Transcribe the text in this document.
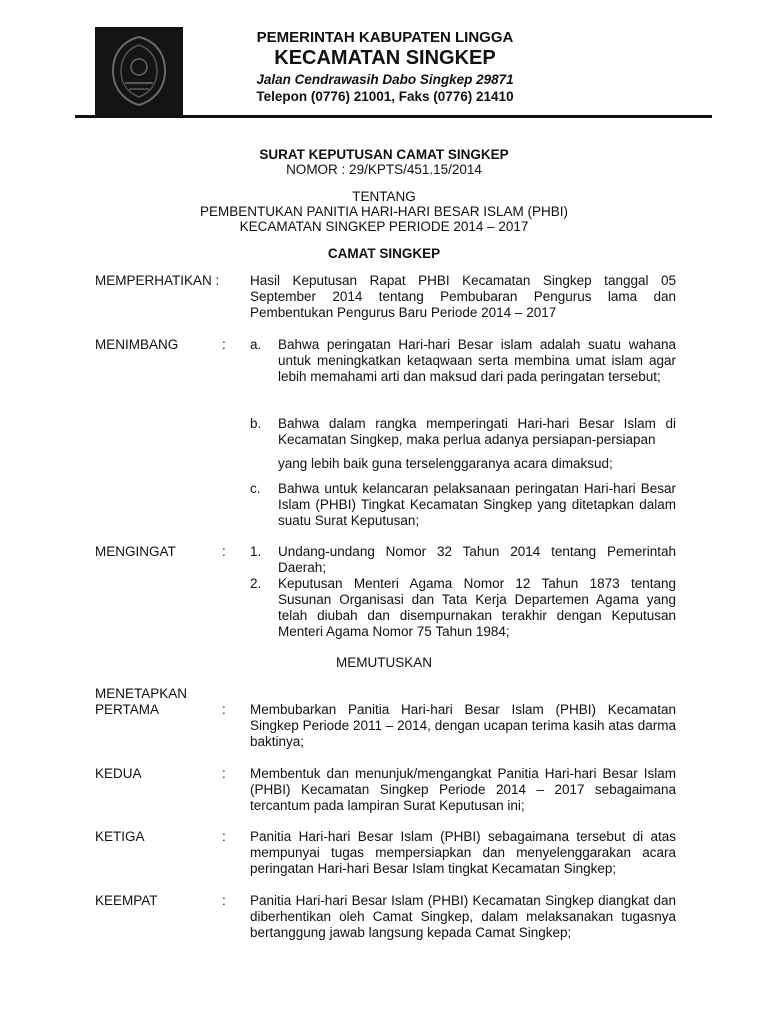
PEMERINTAH KABUPATEN LINGGA
KECAMATAN SINGKEP
Jalan Cendrawasih Dabo Singkep 29871
Telepon (0776) 21001, Faks (0776) 21410
SURAT KEPUTUSAN CAMAT SINGKEP
NOMOR : 29/KPTS/451.15/2014
TENTANG
PEMBENTUKAN PANITIA HARI-HARI BESAR ISLAM (PHBI)
KECAMATAN SINGKEP PERIODE 2014 – 2017
CAMAT SINGKEP
MEMPERHATIKAN : Hasil Keputusan Rapat PHBI Kecamatan Singkep tanggal 05 September 2014 tentang Pembubaran Pengurus lama dan Pembentukan Pengurus Baru Periode 2014 – 2017
MENIMBANG	: a. Bahwa peringatan Hari-hari Besar islam adalah suatu wahana untuk meningkatkan ketaqwaan serta membina umat islam agar lebih memahami arti dan maksud dari pada peringatan tersebut;
b. Bahwa dalam rangka memperingati Hari-hari Besar Islam di Kecamatan Singkep, maka perlua adanya persiapan-persiapan
yang lebih baik guna terselenggaranya acara dimaksud;
c. Bahwa untuk kelancaran pelaksanaan peringatan Hari-hari Besar Islam (PHBI) Tingkat Kecamatan Singkep yang ditetapkan dalam suatu Surat Keputusan;
MENGINGAT	: 1. Undang-undang Nomor 32 Tahun 2014 tentang Pemerintah Daerah;
2. Keputusan Menteri Agama Nomor 12 Tahun 1873 tentang Susunan Organisasi dan Tata Kerja Departemen Agama yang telah diubah dan disempurnakan terakhir dengan Keputusan Menteri Agama Nomor 75 Tahun 1984;
MEMUTUSKAN
MENETAPKAN
PERTAMA	: Membubarkan Panitia Hari-hari Besar Islam (PHBI) Kecamatan Singkep Periode 2011 – 2014, dengan ucapan terima kasih atas darma baktinya;
KEDUA	: Membentuk dan menunjuk/mengangkat Panitia Hari-hari Besar Islam (PHBI) Kecamatan Singkep Periode 2014 – 2017 sebagaimana tercantum pada lampiran Surat Keputusan ini;
KETIGA	: Panitia Hari-hari Besar Islam (PHBI) sebagaimana tersebut di atas mempunyai tugas mempersiapkan dan menyelenggarakan acara peringatan Hari-hari Besar Islam tingkat Kecamatan Singkep;
KEEMPAT	: Panitia Hari-hari Besar Islam (PHBI) Kecamatan Singkep diangkat dan diberhentikan oleh Camat Singkep, dalam melaksanakan tugasnya bertanggung jawab langsung kepada Camat Singkep;
